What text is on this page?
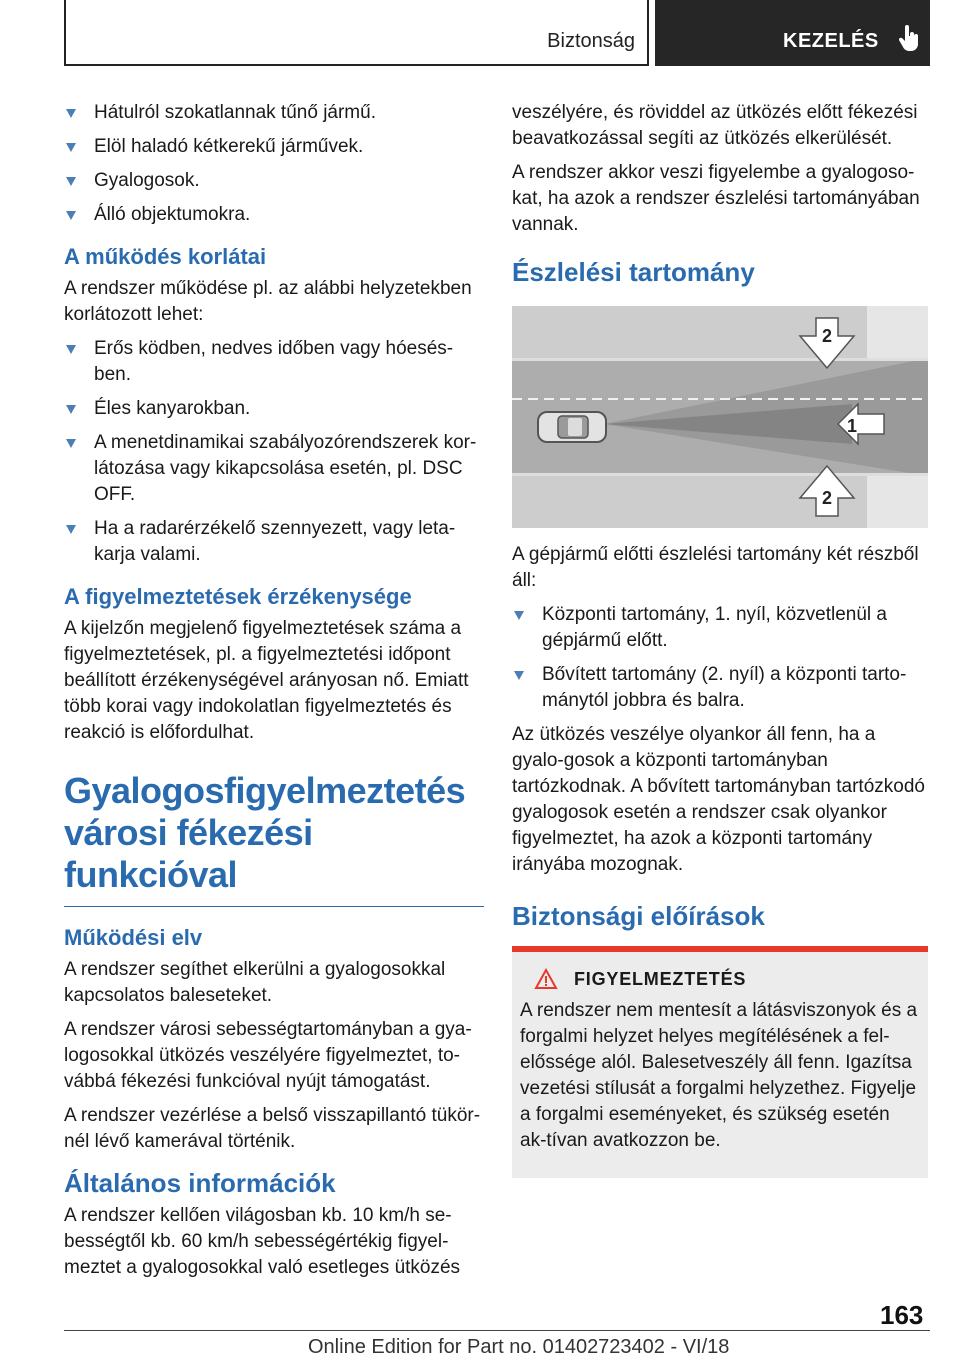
Biztonság	KEZELÉS
Hátulról szokatlannak tűnő jármű.
Elöl haladó kétkerekű járművek.
Gyalogosok.
Álló objektumokra.
A működés korlátai

A rendszer működése pl. az alábbi helyzetekben korlátozott lehet:

Erős ködben, nedves időben vagy hóesés-ben.
Éles kanyarokban.
A menetdinamikai szabályozórendszerek kor-látozása vagy kikapcsolása esetén, pl. DSC OFF.
Ha a radarérzékelő szennyezett, vagy leta-karja valami.
A figyelmeztetések érzékenysége

A kijelzőn megjelenő figyelmeztetések száma a figyelmeztetések, pl. a figyelmeztetési időpont beállított érzékenységével arányosan nő. Emiatt több korai vagy indokolatlan figyelmeztetés és reakció is előfordulhat.

Gyalogosfigyelmeztetés
városi fékezési funkcióval
Működési elv

A rendszer segíthet elkerülni a gyalogosokkal kapcsolatos baleseteket.

A rendszer városi sebességtartományban a gya-logosokkal ütközés veszélyére figyelmeztet, to-vábbá fékezési funkcióval nyújt támogatást.

A rendszer vezérlése a belső visszapillantó tükör-nél lévő kamerával történik.

Általános információk

A rendszer kellően világosban kb. 10 km/h se-bességtől kb. 60 km/h sebességértékig figyel-meztet a gyalogosokkal való esetleges ütközés

veszélyére, és röviddel az ütközés előtt fékezési beavatkozással segíti az ütközés elkerülését.

A rendszer akkor veszi figyelembe a gyalogoso-kat, ha azok a rendszer észlelési tartományában vannak.

Észlelési tartomány
2
1
2

A gépjármű előtti észlelési tartomány két részből áll:

Központi tartomány, 1. nyíl, közvetlenül a gépjármű előtt.
Bővített tartomány (2. nyíl) a központi tarto-mánytól jobbra és balra.

Az ütközés veszélye olyankor áll fenn, ha a gyalo-gosok a központi tartományban tartózkodnak. A bővített tartományban tartózkodó gyalogosok esetén a rendszer csak olyankor figyelmeztet, ha azok a központi tartomány irányába mozognak.

Biztonsági előírások
FIGYELMEZTETÉS

A rendszer nem mentesít a látásviszonyok és a forgalmi helyzet helyes megítélésének a fel-előssége alól. Balesetveszély áll fenn. Igazítsa vezetési stílusát a forgalmi helyzethez. Figyelje a forgalmi eseményeket, és szükség esetén ak-tívan avatkozzon be.

163
Online Edition for Part no. 01402723402 - VI/18
